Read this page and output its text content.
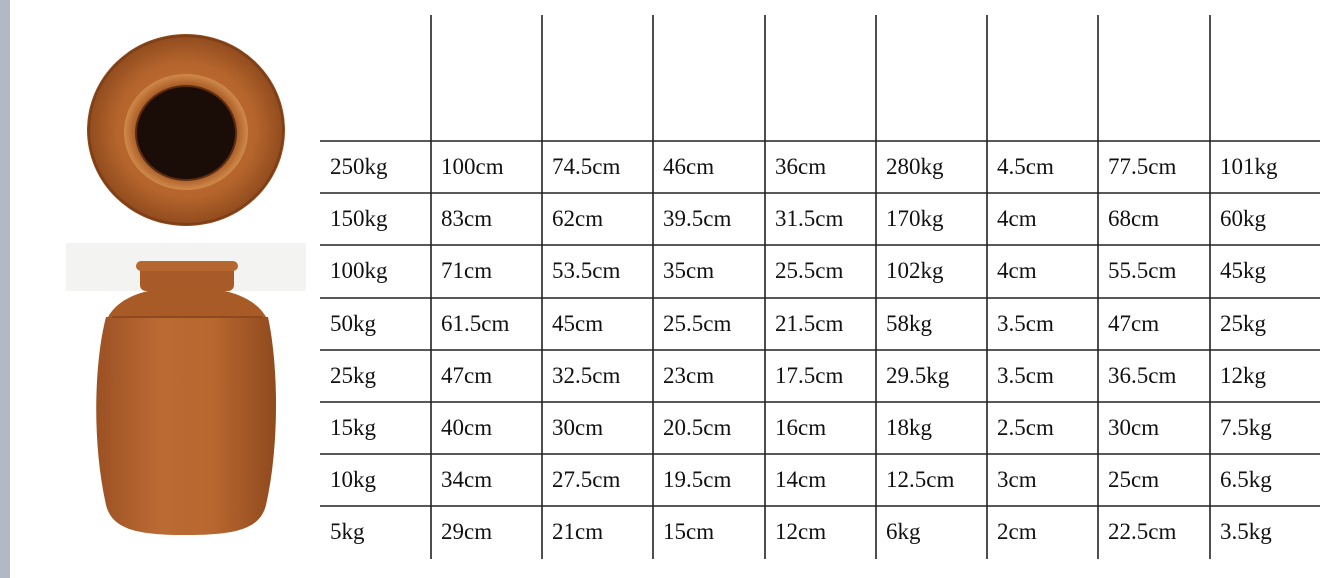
250kg 100cm 74.5cm 46cm	36cm	280kg 4.5cm 77.5cm 101kg
150kg 83cm	62cm	39.5cm 31.5cm 170kg 4cm	68cm	60kg
100kg 71cm	53.5cm 35cm	25.5cm 102kg 4cm	55.5cm 45kg
50kg	61.5cm 45cm	25.5cm 21.5cm 58kg	3.5cm 47cm	25kg
25kg	47cm	32.5cm 23cm	17.5cm 29.5kg 3.5cm 36.5cm 12kg
15kg	40cm	30cm	20.5cm 16cm	18kg	2.5cm 30cm	7.5kg
10kg	34cm	27.5cm 19.5cm 14cm	12.5cm 3cm	25cm	6.5kg
5kg	29cm	21cm	15cm	12cm	6kg	2cm	22.5cm 3.5kg
